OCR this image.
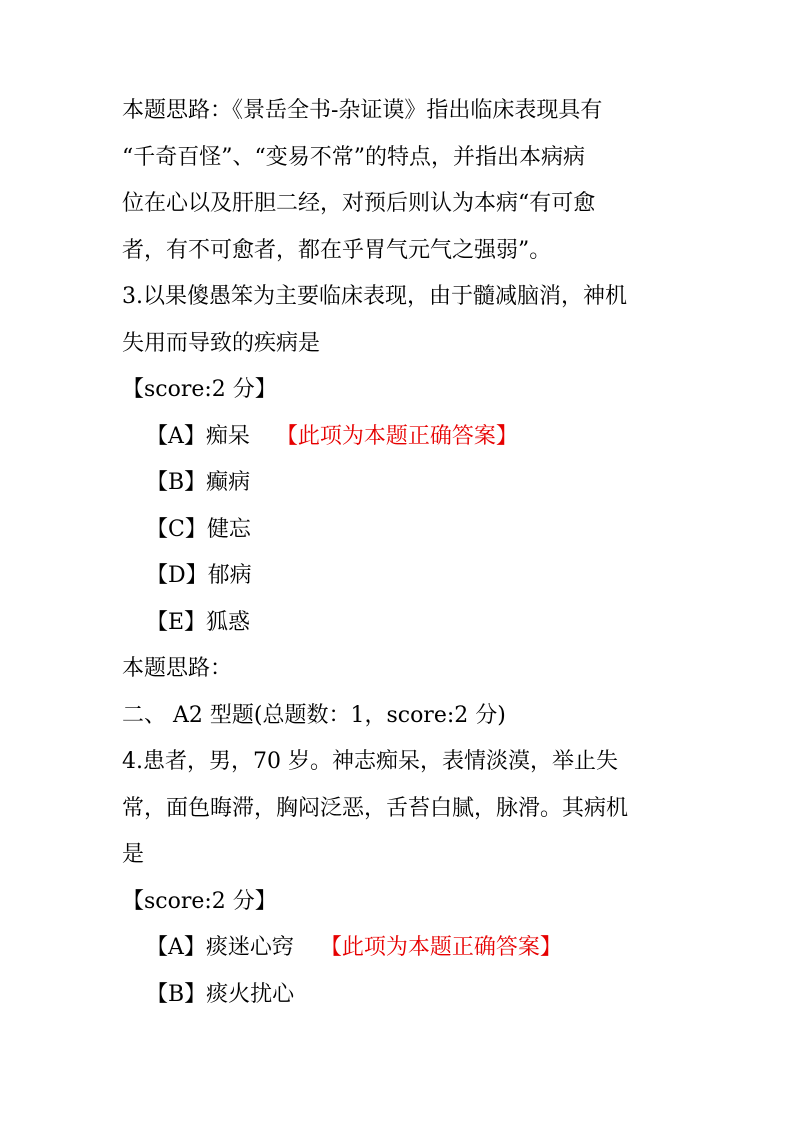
本题思路：《景岳全书-杂证谟》指出临床表现具有
“千奇百怪”、“变易不常”的特点，并指出本病病
位在心以及肝胆二经，对预后则认为本病“有可愈
者，有不可愈者，都在乎胃气元气之强弱”。
3.以果傻愚笨为主要临床表现，由于髓减脑消，神机
失用而导致的疾病是
【score:2 分】
【A】痴呆 【此项为本题正确答案】
【B】癫病
【C】健忘
【D】郁病
【E】狐惑
本题思路：
二、 A2 型题(总题数：1，score:2 分)
4.患者，男，70 岁。神志痴呆，表情淡漠，举止失
常，面色晦滞，胸闷泛恶，舌苔白腻，脉滑。其病机
是
【score:2 分】
【A】痰迷心窍 【此项为本题正确答案】
【B】痰火扰心
